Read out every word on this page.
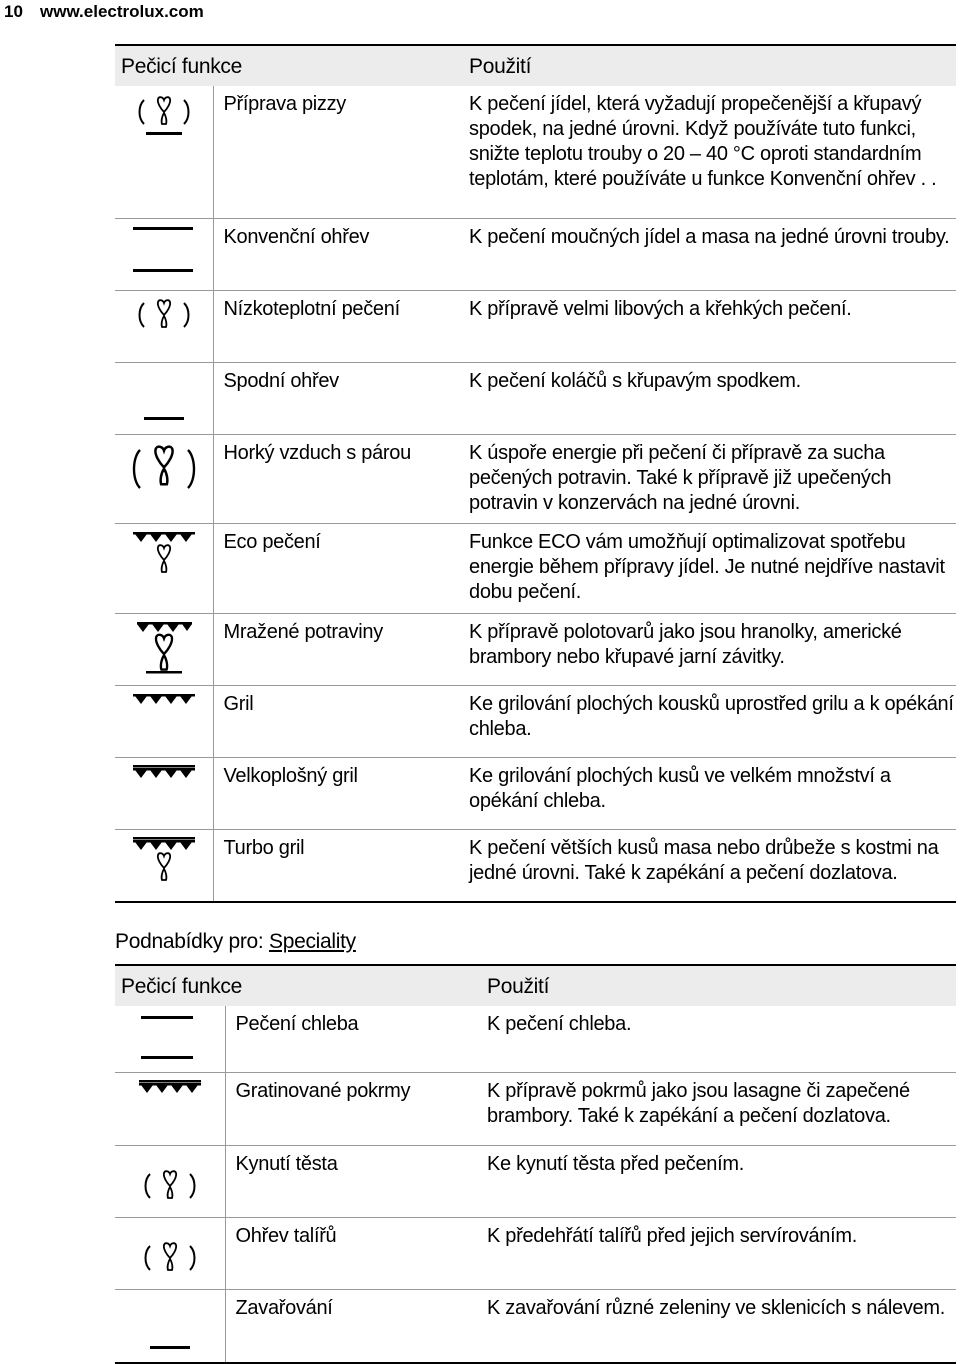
10 www.electrolux.com
Pečicí funkce		Použití

	Příprava pizzy	K pečení jídel, která vyžadují propečenější a křupavý spodek, na jedné úrovni. Když používáte tuto funkci, snižte teplotu trouby o 20 – 40 °C oproti standardním teplotám, které používáte u funkce Konvenční ohřev . .

	Konvenční ohřev	K pečení moučných jídel a masa na jedné úrovni trouby.

	Nízkoteplotní pečení	K přípravě velmi libových a křehkých pečení.

	Spodní ohřev	K pečení koláčů s křupavým spodkem.

	Horký vzduch s párou	K úspoře energie při pečení či přípravě za sucha pečených potravin. Také k přípravě již upečených potravin v konzervách na jedné úrovni.

	Eco pečení	Funkce ECO vám umožňují optimalizovat spotřebu energie během přípravy jídel. Je nutné nejdříve nastavit dobu pečení.

	Mražené potraviny	K přípravě polotovarů jako jsou hranolky, americké brambory nebo křupavé jarní závitky.

	Gril	Ke grilování plochých kousků uprostřed grilu a k opékání chleba.

	Velkoplošný gril	Ke grilování plochých kusů ve velkém množství a opékání chleba.

	Turbo gril	K pečení větších kusů masa nebo drůbeže s kostmi na jedné úrovni. Také k zapékání a pečení dozlatova.
Podnabídky pro: Speciality
Pečicí funkce		Použití

	Pečení chleba	K pečení chleba.

	Gratinované pokrmy	K přípravě pokrmů jako jsou lasagne či zapečené brambory. Také k zapékání a pečení dozlatova.

	Kynutí těsta	Ke kynutí těsta před pečením.

	Ohřev talířů	K předehřátí talířů před jejich servírováním.

	Zavařování	K zavařování různé zeleniny ve sklenicích s nálevem.
